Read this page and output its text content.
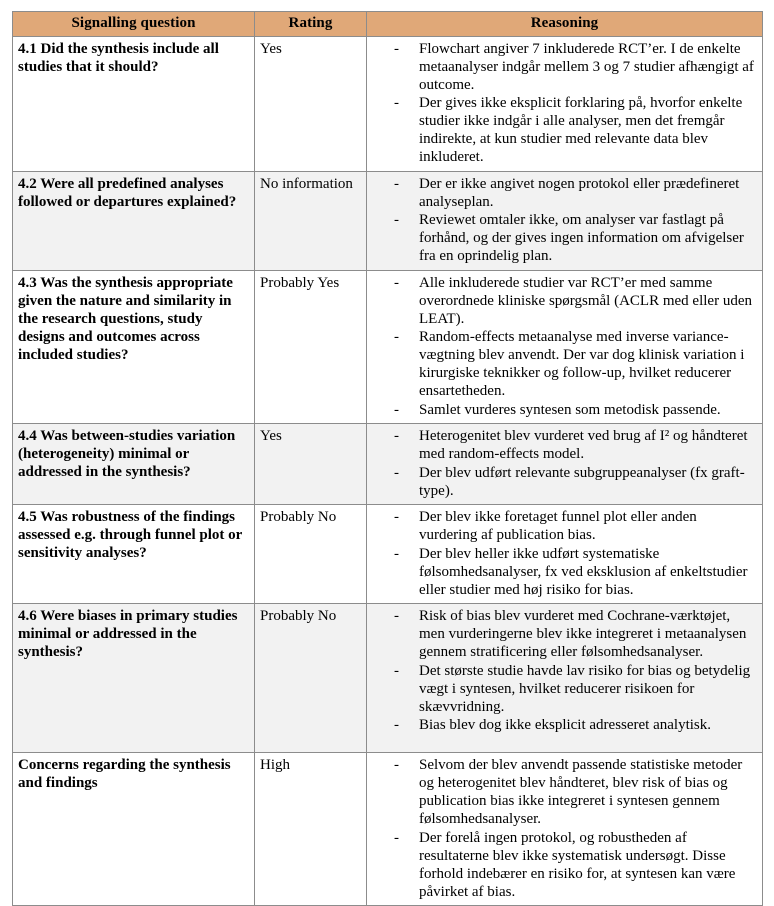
Signalling question	Rating	Reasoning
4.1 Did the synthesis include all studies that it should?	Yes	- Flowchart angiver 7 inkluderede RCT’er. I de enkelte metaanalyser indgår mellem 3 og 7 studier afhængigt af outcome.
- Der gives ikke eksplicit forklaring på, hvorfor enkelte studier ikke indgår i alle analyser, men det fremgår indirekte, at kun studier med relevante data blev inkluderet.

4.2 Were all predefined analyses followed or departures explained?	No information	- Der er ikke angivet nogen protokol eller prædefineret analyseplan.
- Reviewet omtaler ikke, om analyser var fastlagt på forhånd, og der gives ingen information om afvigelser fra en oprindelig plan.

4.3 Was the synthesis appropriate given the nature and similarity in the research questions, study designs and outcomes across included studies?	Probably Yes	- Alle inkluderede studier var RCT’er med samme overordnede kliniske spørgsmål (ACLR med eller uden LEAT).
- Random-effects metaanalyse med inverse variance-vægtning blev anvendt. Der var dog klinisk variation i kirurgiske teknikker og follow-up, hvilket reducerer ensartetheden.
- Samlet vurderes syntesen som metodisk passende.

4.4 Was between-studies variation (heterogeneity) minimal or addressed in the synthesis?	Yes	- Heterogenitet blev vurderet ved brug af I² og håndteret med random-effects model.
- Der blev udført relevante subgruppeanalyser (fx graft-type).

4.5 Was robustness of the findings assessed e.g. through funnel plot or sensitivity analyses?	Probably No	- Der blev ikke foretaget funnel plot eller anden vurdering af publication bias.
- Der blev heller ikke udført systematiske følsomhedsanalyser, fx ved eksklusion af enkeltstudier eller studier med høj risiko for bias.

4.6 Were biases in primary studies minimal or addressed in the synthesis?	Probably No	- Risk of bias blev vurderet med Cochrane-værktøjet, men vurderingerne blev ikke integreret i metaanalysen gennem stratificering eller følsomhedsanalyser.
- Det største studie havde lav risiko for bias og betydelig vægt i syntesen, hvilket reducerer risikoen for skævvridning.
- Bias blev dog ikke eksplicit adresseret analytisk.

Concerns regarding the synthesis and findings	High	- Selvom der blev anvendt passende statistiske metoder og heterogenitet blev håndteret, blev risk of bias og publication bias ikke integreret i syntesen gennem følsomhedsanalyser.
- Der forelå ingen protokol, og robustheden af resultaterne blev ikke systematisk undersøgt. Disse forhold indebærer en risiko for, at syntesen kan være påvirket af bias.
